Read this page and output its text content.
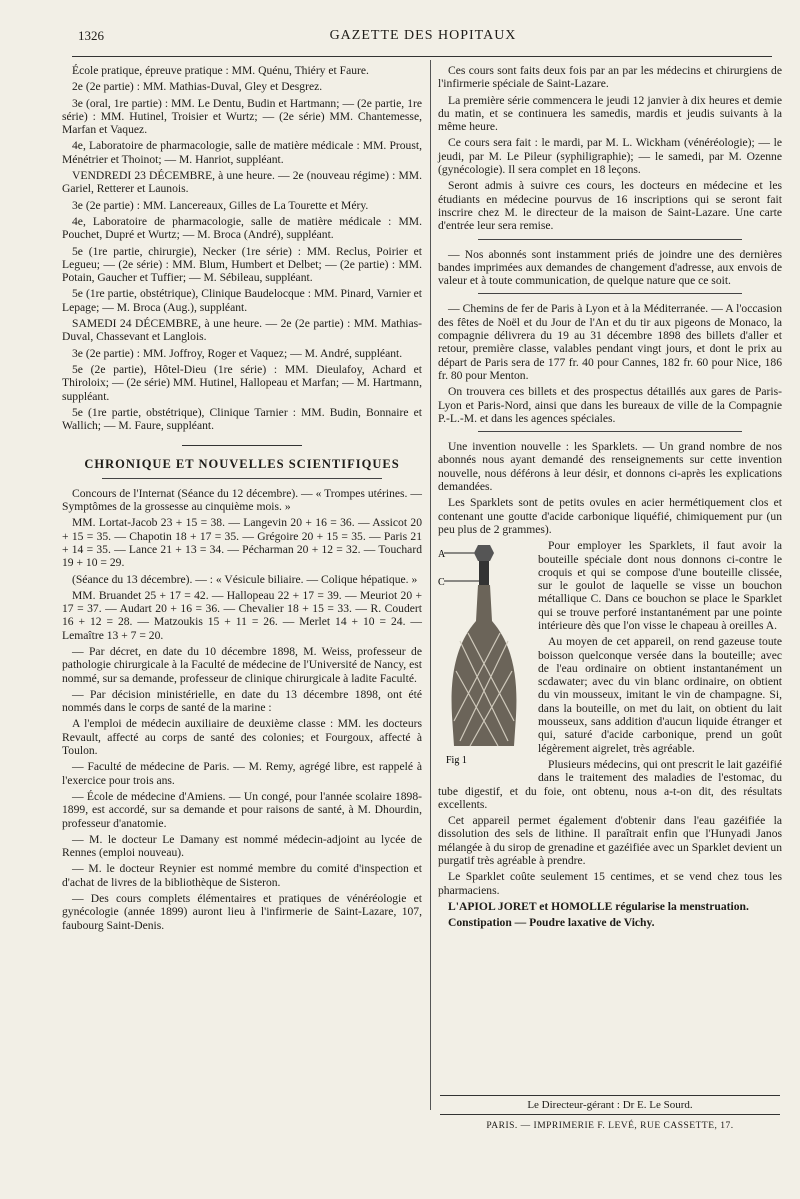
1326	GAZETTE DES HOPITAUX

École pratique, épreuve pratique : MM. Quénu, Thiéry et Faure.

2e (2e partie) : MM. Mathias-Duval, Gley et Desgrez.

3e (oral, 1re partie) : MM. Le Dentu, Budin et Hartmann; — (2e partie, 1re série) : MM. Hutinel, Troisier et Wurtz; — (2e série) MM. Chantemesse, Marfan et Vaquez.

4e, Laboratoire de pharmacologie, salle de matière médicale : MM. Proust, Ménétrier et Thoinot; — M. Hanriot, suppléant.

VENDREDI 23 DÉCEMBRE, à une heure. — 2e (nouveau régime) : MM. Gariel, Retterer et Launois.

3e (2e partie) : MM. Lancereaux, Gilles de La Tourette et Méry.

4e, Laboratoire de pharmacologie, salle de matière médicale : MM. Pouchet, Dupré et Wurtz; — M. Broca (André), suppléant.

5e (1re partie, chirurgie), Necker (1re série) : MM. Reclus, Poirier et Legueu; — (2e série) : MM. Blum, Humbert et Delbet; — (2e partie) : MM. Potain, Gaucher et Tuffier; — M. Sébileau, suppléant.

5e (1re partie, obstétrique), Clinique Baudelocque : MM. Pinard, Varnier et Lepage; — M. Broca (Aug.), suppléant.

SAMEDI 24 DÉCEMBRE, à une heure. — 2e (2e partie) : MM. Mathias-Duval, Chassevant et Langlois.

3e (2e partie) : MM. Joffroy, Roger et Vaquez; — M. André, suppléant.

5e (2e partie), Hôtel-Dieu (1re série) : MM. Dieulafoy, Achard et Thiroloix; — (2e série) MM. Hutinel, Hallopeau et Marfan; — M. Hartmann, suppléant.

5e (1re partie, obstétrique), Clinique Tarnier : MM. Budin, Bonnaire et Wallich; — M. Faure, suppléant.

CHRONIQUE ET NOUVELLES SCIENTIFIQUES

Concours de l'Internat (Séance du 12 décembre). — « Trompes utérines. — Symptômes de la grossesse au cinquième mois. »

MM. Lortat-Jacob 23 + 15 = 38. — Langevin 20 + 16 = 36. — Assicot 20 + 15 = 35. — Chapotin 18 + 17 = 35. — Grégoire 20 + 15 = 35. — Paris 21 + 14 = 35. — Lance 21 + 13 = 34. — Pécharman 20 + 12 = 32. — Touchard 19 + 10 = 29.

(Séance du 13 décembre). — : « Vésicule biliaire. — Colique hépatique. »

MM. Bruandet 25 + 17 = 42. — Hallopeau 22 + 17 = 39. — Meuriot 20 + 17 = 37. — Audart 20 + 16 = 36. — Chevalier 18 + 15 = 33. — R. Coudert 16 + 12 = 28. — Matzoukis 15 + 11 = 26. — Merlet 14 + 10 = 24. — Lemaître 13 + 7 = 20.

— Par décret, en date du 10 décembre 1898, M. Weiss, professeur de pathologie chirurgicale à la Faculté de médecine de l'Université de Nancy, est nommé, sur sa demande, professeur de clinique chirurgicale à ladite Faculté.

— Par décision ministérielle, en date du 13 décembre 1898, ont été nommés dans le corps de santé de la marine :

A l'emploi de médecin auxiliaire de deuxième classe : MM. les docteurs Revault, affecté au corps de santé des colonies; et Fourgoux, affecté à Toulon.

— Faculté de médecine de Paris. — M. Remy, agrégé libre, est rappelé à l'exercice pour trois ans.

— École de médecine d'Amiens. — Un congé, pour l'année scolaire 1898-1899, est accordé, sur sa demande et pour raisons de santé, à M. Dhourdin, professeur d'anatomie.

— M. le docteur Le Damany est nommé médecin-adjoint au lycée de Rennes (emploi nouveau).

— M. le docteur Reynier est nommé membre du comité d'inspection et d'achat de livres de la bibliothèque de Sisteron.

— Des cours complets élémentaires et pratiques de vénéréologie et gynécologie (année 1899) auront lieu à l'infirmerie de Saint-Lazare, 107, faubourg Saint-Denis.

Ces cours sont faits deux fois par an par les médecins et chirurgiens de l'infirmerie spéciale de Saint-Lazare.

La première série commencera le jeudi 12 janvier à dix heures et demie du matin, et se continuera les samedis, mardis et jeudis suivants à la même heure.

Ce cours sera fait : le mardi, par M. L. Wickham (vénéréologie); — le jeudi, par M. Le Pileur (syphiligraphie); — le samedi, par M. Ozenne (gynécologie). Il sera complet en 18 leçons.

Seront admis à suivre ces cours, les docteurs en médecine et les étudiants en médecine pourvus de 16 inscriptions qui se seront fait inscrire chez M. le directeur de la maison de Saint-Lazare. Une carte d'entrée leur sera remise.

— Nos abonnés sont instamment priés de joindre une des dernières bandes imprimées aux demandes de changement d'adresse, aux envois de valeur et à toute communication, de quelque nature que ce soit.

— Chemins de fer de Paris à Lyon et à la Méditerranée. — A l'occasion des fêtes de Noël et du Jour de l'An et du tir aux pigeons de Monaco, la compagnie délivrera du 19 au 31 décembre 1898 des billets d'aller et retour, première classe, valables pendant vingt jours, et dont le prix au départ de Paris sera de 177 fr. 40 pour Cannes, 182 fr. 60 pour Nice, 186 fr. 80 pour Menton.

On trouvera ces billets et des prospectus détaillés aux gares de Paris-Lyon et Paris-Nord, ainsi que dans les bureaux de ville de la Compagnie P.-L.-M. et dans les agences spéciales.

Une invention nouvelle : les Sparklets. — Un grand nombre de nos abonnés nous ayant demandé des renseignements sur cette invention nouvelle, nous déférons à leur désir, et donnons ci-après les explications demandées.

Les Sparklets sont de petits ovules en acier hermétiquement clos et contenant une goutte d'acide carbonique liquéfié, chimiquement pur (un peu plus de 2 grammes).

A
C
Fig 1

Pour employer les Sparklets, il faut avoir la bouteille spéciale dont nous donnons ci-contre le croquis et qui se compose d'une bouteille clissée, sur le goulot de laquelle se visse un bouchon métallique C. Dans ce bouchon se place le Sparklet qui se trouve perforé instantanément par une pointe intérieure dès que l'on visse le chapeau à oreilles A.

Au moyen de cet appareil, on rend gazeuse toute boisson quelconque versée dans la bouteille; avec de l'eau ordinaire on obtient instantanément un scdawater; avec du vin blanc ordinaire, on obtient du vin mousseux, imitant le vin de champagne. Si, dans la bouteille, on met du lait, on obtient du lait mousseux, sans addition d'aucun liquide étranger et qui, saturé d'acide carbonique, prend un goût légèrement aigrelet, très agréable.

Plusieurs médecins, qui ont prescrit le lait gazéifié dans le traitement des maladies de l'estomac, du tube digestif, et du foie, ont obtenu, nous a-t-on dit, des résultats excellents.

Cet appareil permet également d'obtenir dans l'eau gazéifiée la dissolution des sels de lithine. Il paraîtrait enfin que l'Hunyadi Janos mélangée à du sirop de grenadine et gazéifiée avec un Sparklet devient un purgatif très agréable à prendre.

Le Sparklet coûte seulement 15 centimes, et se vend chez tous les pharmaciens.

L'APIOL JORET et HOMOLLE régularise la menstruation.

Constipation — Poudre laxative de Vichy.

Le Directeur-gérant : Dr E. Le Sourd.
PARIS. — IMPRIMERIE F. LEVÉ, RUE CASSETTE, 17.
